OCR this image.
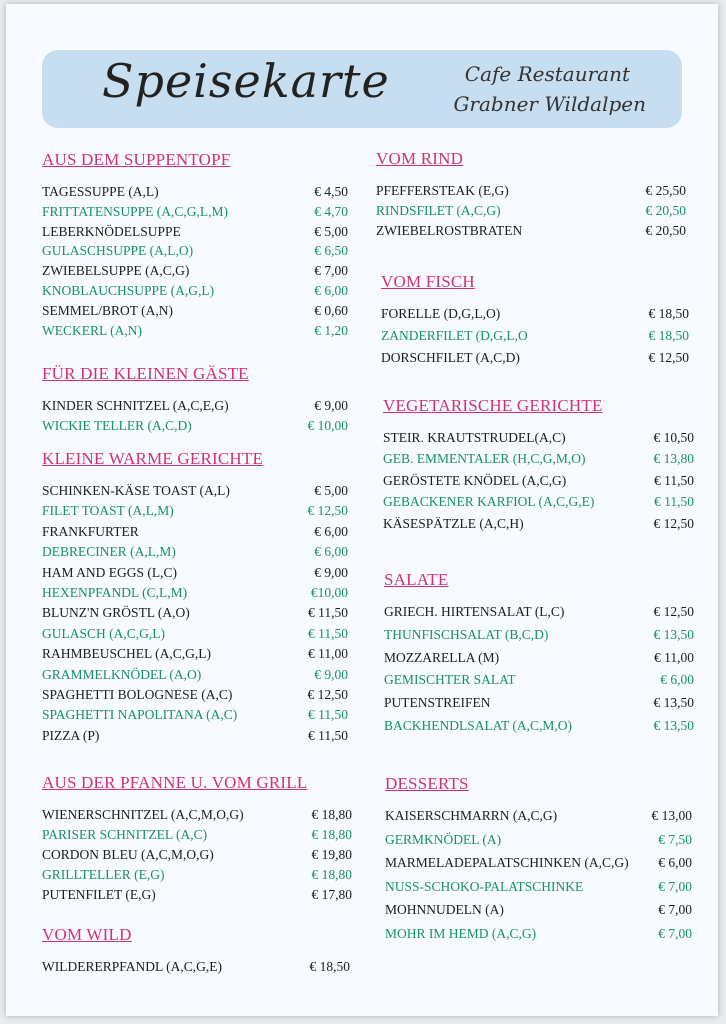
Speisekarte	Cafe Restaurant
Grabner Wildalpen
AUS DEM SUPPENTOPF
TAGESSUPPE (A,L)	€ 4,50
FRITTATENSUPPE (A,C,G,L,M)	€ 4,70
LEBERKNÖDELSUPPE	€ 5,00
GULASCHSUPPE (A,L,O)	€ 6,50
ZWIEBELSUPPE (A,C,G)	€ 7,00
KNOBLAUCHSUPPE (A,G,L)	€ 6,00
SEMMEL/BROT (A,N)	€ 0,60
WECKERL (A,N)	€ 1,20
FÜR DIE KLEINEN GÄSTE
KINDER SCHNITZEL (A,C,E,G)	€ 9,00
WICKIE TELLER (A,C,D)	€ 10,00
KLEINE WARME GERICHTE
SCHINKEN-KÄSE TOAST (A,L)	€ 5,00
FILET TOAST (A,L,M)	€ 12,50
FRANKFURTER	€ 6,00
DEBRECINER (A,L,M)	€ 6,00
HAM AND EGGS (L,C)	€ 9,00
HEXENPFANDL (C,L,M)	€10,00
BLUNZ'N GRÖSTL (A,O)	€ 11,50
GULASCH (A,C,G,L)	€ 11,50
RAHMBEUSCHEL (A,C,G,L)	€ 11,00
GRAMMELKNÖDEL (A,O)	€ 9,00
SPAGHETTI BOLOGNESE (A,C)	€ 12,50
SPAGHETTI NAPOLITANA (A,C)	€ 11,50
PIZZA (P)	€ 11,50
AUS DER PFANNE U. VOM GRILL
WIENERSCHNITZEL (A,C,M,O,G)	€ 18,80
PARISER SCHNITZEL (A,C)	€ 18,80
CORDON BLEU (A,C,M,O,G)	€ 19,80
GRILLTELLER (E,G)	€ 18,80
PUTENFILET (E,G)	€ 17,80
VOM WILD
WILDERERPFANDL (A,C,G,E)	€ 18,50
VOM RIND
PFEFFERSTEAK (E,G)	€ 25,50
RINDSFILET (A,C,G)	€ 20,50
ZWIEBELROSTBRATEN	€ 20,50
VOM FISCH
FORELLE (D,G,L,O)	€ 18,50
ZANDERFILET (D,G,L,O	€ 18,50
DORSCHFILET (A,C,D)	€ 12,50
VEGETARISCHE GERICHTE
STEIR. KRAUTSTRUDEL(A,C)	€ 10,50
GEB. EMMENTALER (H,C,G,M,O)	€ 13,80
GERÖSTETE KNÖDEL (A,C,G)	€ 11,50
GEBACKENER KARFIOL (A,C,G,E)	€ 11,50
KÄSESPÄTZLE (A,C,H)	€ 12,50
SALATE
GRIECH. HIRTENSALAT (L,C)	€ 12,50
THUNFISCHSALAT (B,C,D)	€ 13,50
MOZZARELLA (M)	€ 11,00
GEMISCHTER SALAT	€ 6,00
PUTENSTREIFEN	€ 13,50
BACKHENDLSALAT (A,C,M,O)	€ 13,50
DESSERTS
KAISERSCHMARRN (A,C,G)	€ 13,00
GERMKNÖDEL (A)	€ 7,50
MARMELADEPALATSCHINKEN (A,C,G) € 6,00
NUSS-SCHOKO-PALATSCHINKE	€ 7,00
MOHNNUDELN (A)	€ 7,00
MOHR IM HEMD (A,C,G)	€ 7,00
